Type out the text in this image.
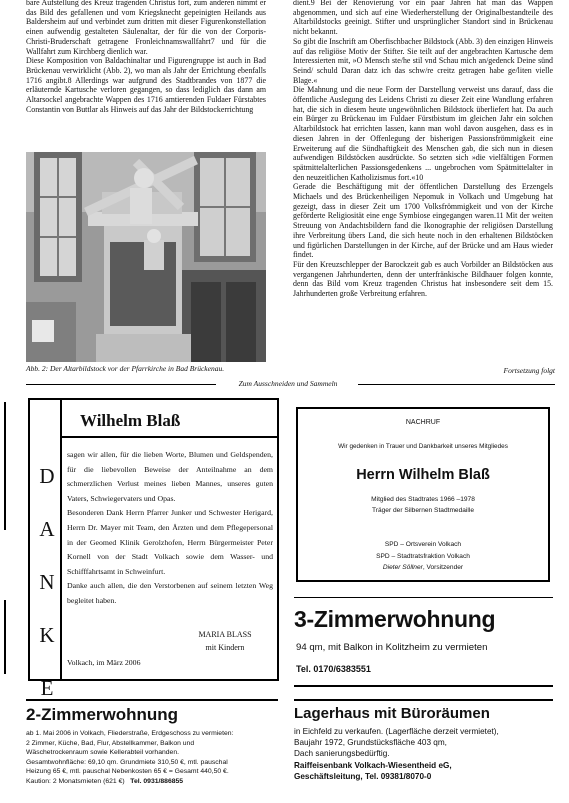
bare Aufstellung des Kreuz tragenden Christus fort, zum anderen nimmt er das Bild des gefallenen und vom Kriegsknecht gepeinigten Heilands aus Baldersheim auf und verbindet zum dritten mit dieser Figurenkonstellation einen aufwendig gestalteten Säulenaltar, der für die von der Corporis-Christi-Bruderschaft getragene Fronleichnamswallfahrt7 und für die Wallfahrt zum Kirchberg dienlich war.
Diese Komposition von Baldachinaltar und Figurengruppe ist auch in Bad Brückenau verwirklicht (Abb. 2), wo man als Jahr der Errichtung ebenfalls 1716 angibt.8 Allerdings war aufgrund des Stadtbrandes von 1877 die erläuternde Kartusche verloren gegangen, so dass lediglich das dann am Altarsockel angebrachte Wappen des 1716 amtierenden Fuldaer Fürstabtes Constantin von Buttlar als Hinweis auf das Jahr der Bildstockerrichtung
Abb. 2: Der Altarbildstock vor der Pfarrkirche in Bad Brückenau.
dient.9 Bei der Renovierung vor ein paar Jahren hat man das Wappen abgenommen, und sich auf eine Wiederherstellung der Originalbestandteile des Altarbildstocks geeinigt. Stifter und ursprünglicher Standort sind in Brückenau nicht bekannt.
So gibt die Inschrift am Oberfischbacher Bildstock (Abb. 3) den einzigen Hinweis auf das religiöse Motiv der Stifter. Sie teilt auf der angebrachten Kartusche dem Interessierten mit, »O Mensch ste/he stil vnd Schau mich an/gedenck Deine sünd Seind/ schuld Daran datz ich das schw/re creitz getragen habe ge/liten vielle Blage.«
Die Mahnung und die neue Form der Darstellung verweist uns darauf, dass die öffentliche Auslegung des Leidens Christi zu dieser Zeit eine Wandlung erfahren hat, die sich in diesem heute ungewöhnlichen Bildstock überliefert hat. Da auch ein Bürger zu Brückenau im Fuldaer Fürstbistum im gleichen Jahr ein solchen Altarbildstock hat errichten lassen, kann man wohl davon ausgehen, dass es in diesen Jahren in der Offenlegung der bisherigen Passionsfrömmigkeit eine Erweiterung auf die Sündhaftigkeit des Menschen gab, die sich nun in diesen aufwendigen Bildstöcken ausdrückte. So setzten sich »die vielfältigen Formen spätmittelalterlichen Passionsgedenkens ... ungebrochen vom Spätmittelalter in den neuzeitlichen Katholizismus fort.«10
Gerade die Beschäftigung mit der öffentlichen Darstellung des Erzengels Michaels und des Brückenheiligen Nepomuk in Volkach und Umgebung hat gezeigt, dass in dieser Zeit um 1700 Volksfrömmigkeit und von der Kirche geförderte Religiosität eine enge Symbiose eingegangen waren.11 Mit der weiten Streuung von Andachtsbildern fand die Ikonographie der religiösen Darstellung ihre Verbreitung übers Land, die sich heute noch in den erhaltenen Bildstöcken und figürlichen Darstellungen in der Kirche, auf der Brücke und am Haus wieder findet.
Für den Kreuzschlepper der Barockzeit gab es auch Vorbilder an Bildstöcken aus vergangenen Jahrhunderten, denn der unterfränkische Bildhauer folgen konnte, denn das Bild vom Kreuz tragenden Christus hat insbesondere seit dem 15. Jahrhunderten große Verbreitung erfahren.
Fortsetzung folgt
Zum Ausschneiden und Sammeln
D
A
N
K
E
Wilhelm Blaß
sagen wir allen, für die lieben Worte, Blumen und Geldspenden, für die liebevollen Beweise der Anteilnahme an dem schmerzlichen Verlust meines lieben Mannes, unseres guten Vaters, Schwiegervaters und Opas.
Besonderen Dank Herrn Pfarrer Junker und Schwester Herigard, Herrn Dr. Mayer mit Team, den Ärzten und dem Pflegepersonal in der Geomed Klinik Gerolzhofen, Herrn Bürgermeister Peter Kornell von der Stadt Volkach sowie dem Wasser- und Schifffahrtsamt in Schweinfurt.
Danke auch allen, die den Verstorbenen auf seinem letzten Weg begleitet haben.
MARIA BLASS
mit Kindern
Volkach, im März 2006
NACHRUF
Wir gedenken in Trauer und Dankbarkeit unseres Mitgliedes
Herrn Wilhelm Blaß
Mitglied des Stadtrates 1966 –1978
Träger der Silbernen Stadtmedaille
SPD – Ortsverein Volkach
SPD – Stadtratsfraktion Volkach
Dieter Söllner, Vorsitzender
3-Zimmerwohnung
94 qm, mit Balkon in Kolitzheim zu vermieten
Tel. 0170/6383551
2-Zimmerwohnung
ab 1. Mai 2006 in Volkach, Fliederstraße, Erdgeschoss zu vermieten:
2 Zimmer, Küche, Bad, Flur, Abstellkammer, Balkon und
Wäschetrockenraum sowie Kellerabteil vorhanden.
Gesamtwohnfläche: 69,10 qm. Grundmiete 310,50 €, mtl. pauschal
Heizung 65 €, mtl. pauschal Nebenkosten 65 € = Gesamt 440,50 €.
Kaution: 2 Monatsmieten (621 €) Tel. 0931/886855
Lagerhaus mit Büroräumen
in Eichfeld zu verkaufen. (Lagerfläche derzeit vermietet),
Baujahr 1972, Grundstücksfläche 403 qm,
Dach sanierungsbedürftig.
Raiffeisenbank Volkach-Wiesentheid eG,
Geschäftsleitung, Tel. 09381/8070-0
